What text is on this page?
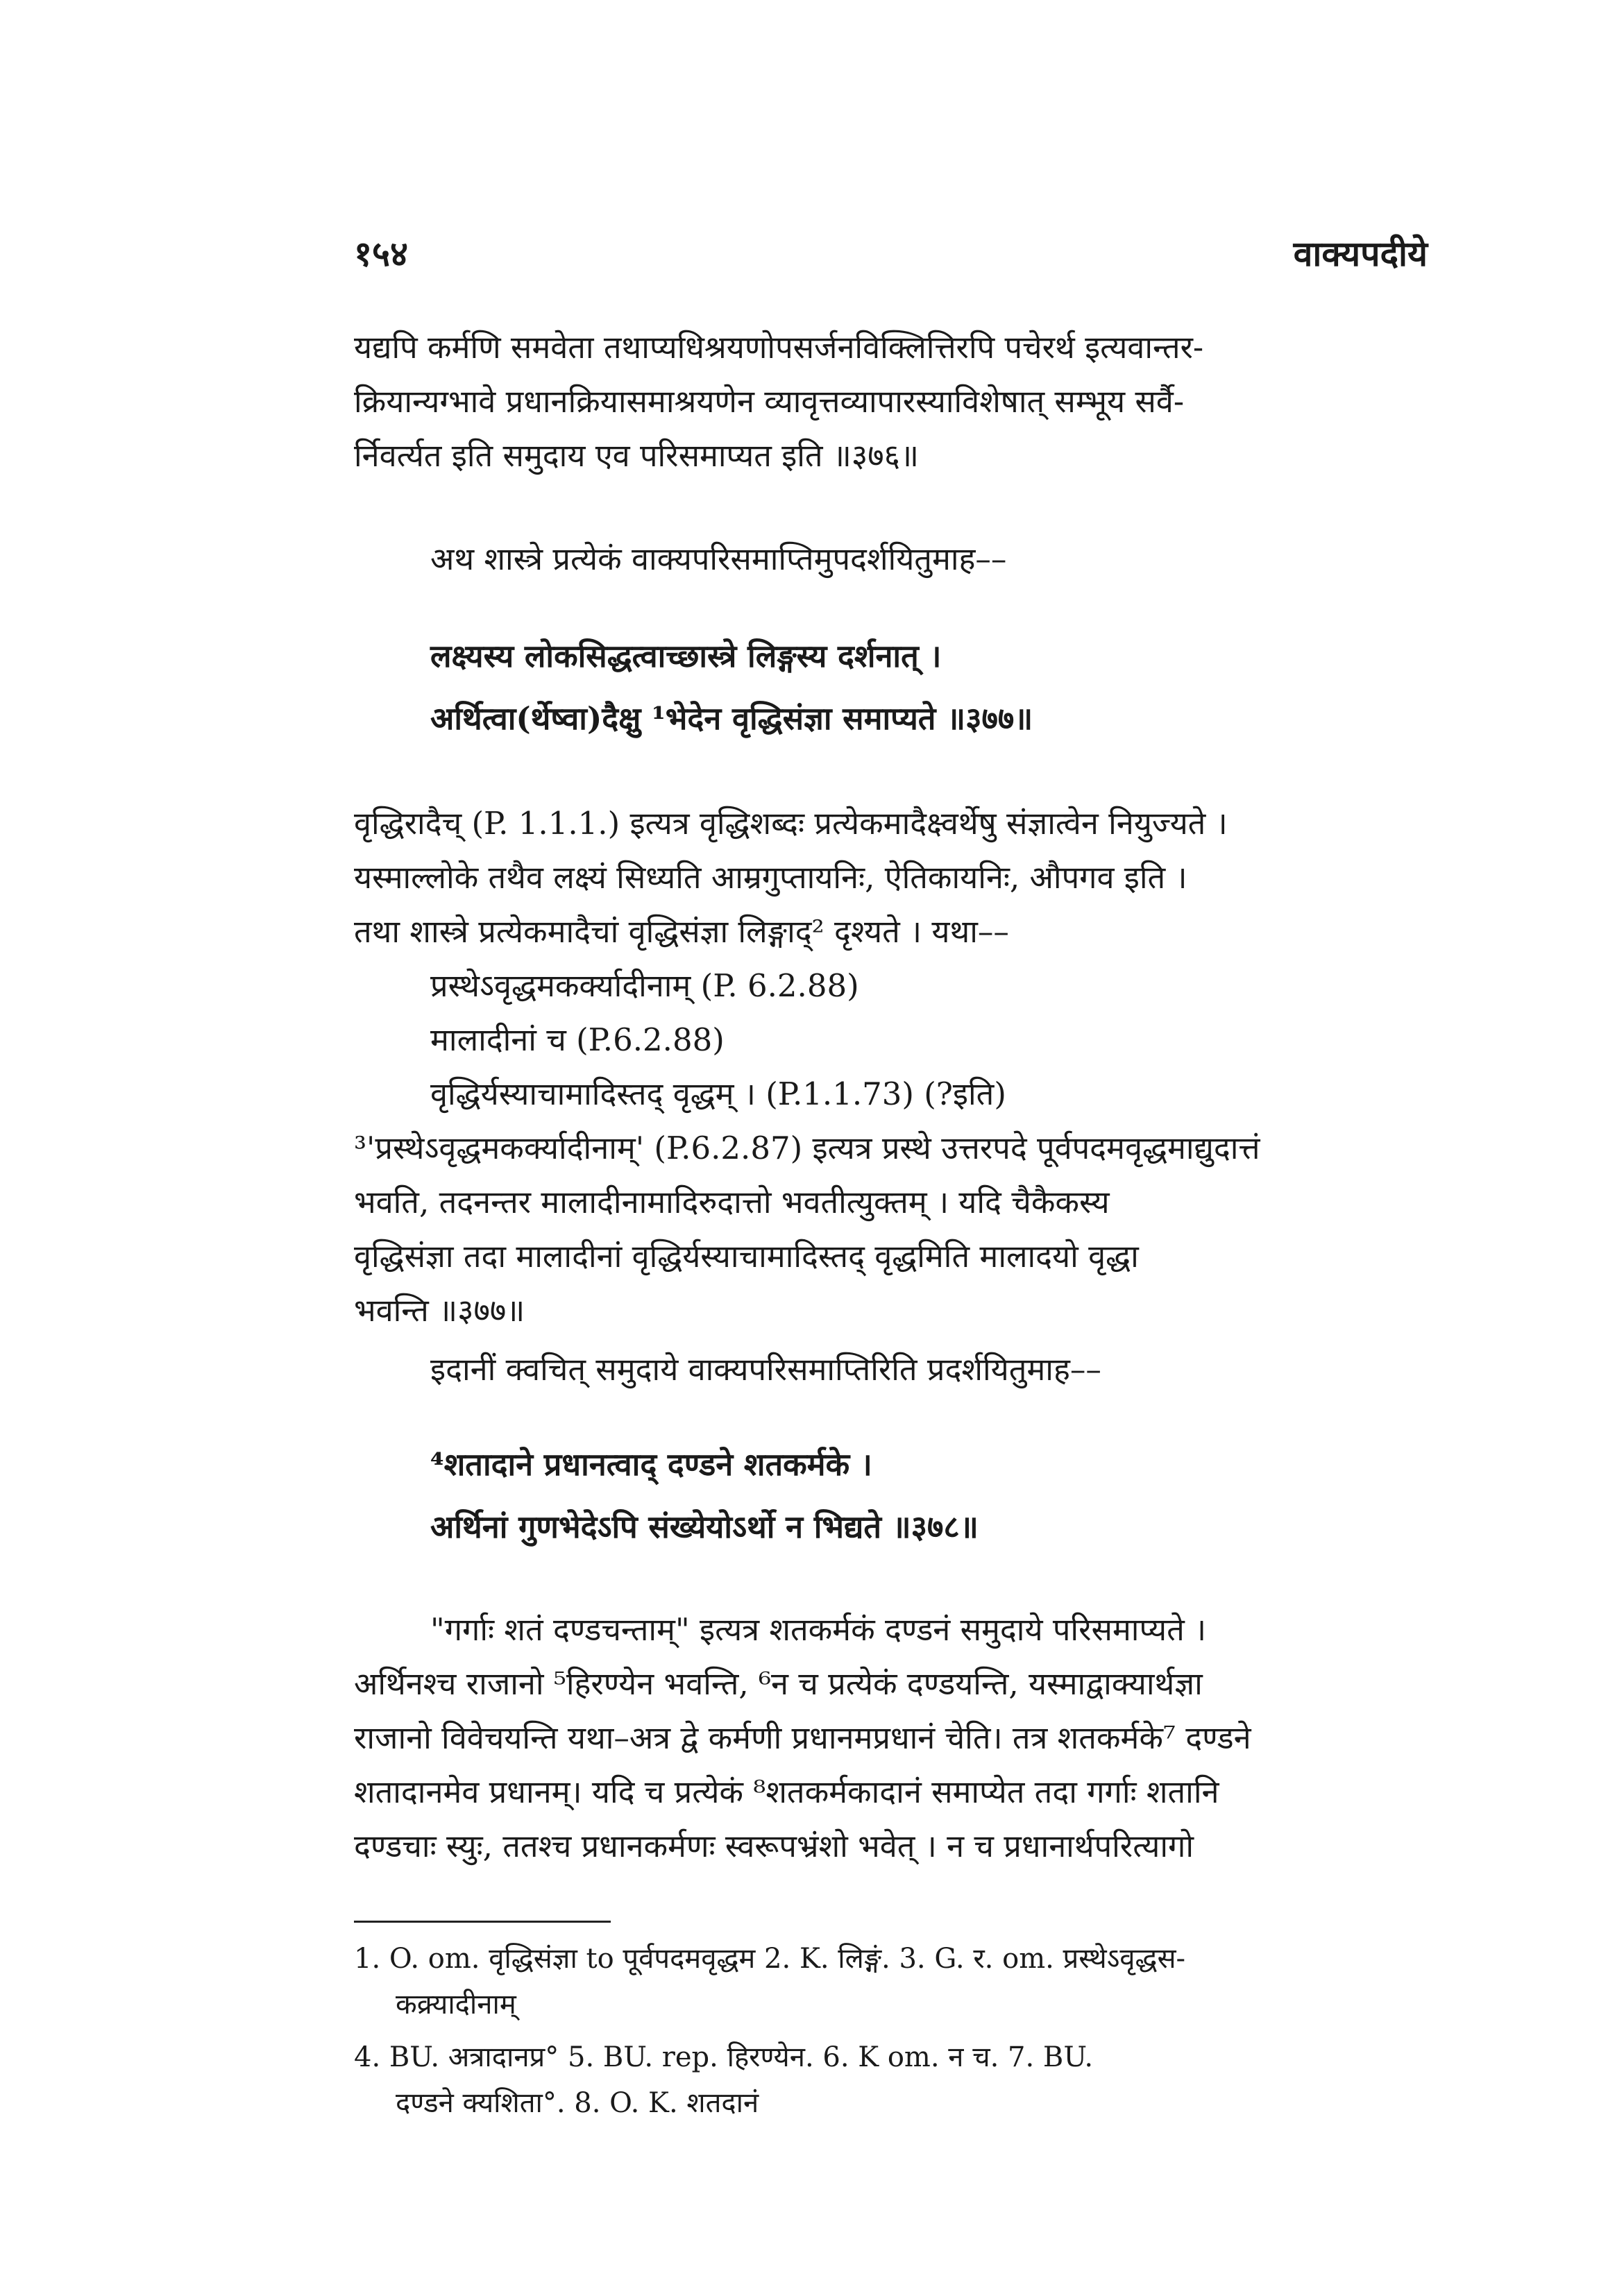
१५४	वाक्यपदीये
यद्यपि कर्मणि समवेता तथाप्यधिश्रयणोपसर्जनविक्लित्तिरपि पचेरर्थ इत्यवान्तर-
क्रियान्यग्भावे प्रधानक्रियासमाश्रयणेन व्यावृत्तव्यापारस्याविशेषात् सम्भूय सर्वै-
र्निवर्त्यत इति समुदाय एव परिसमाप्यत इति ॥३७६॥
अथ शास्त्रे प्रत्येकं वाक्यपरिसमाप्तिमुपदर्शयितुमाह––
लक्ष्यस्य लोकसिद्धत्वाच्छास्त्रे लिङ्गस्य दर्शनात् ।
अर्थित्वा(र्थेष्वा)दैक्षु ¹भेदेन वृद्धिसंज्ञा समाप्यते ॥३७७॥
वृद्धिरादैच् (P. 1.1.1.) इत्यत्र वृद्धिशब्दः प्रत्येकमादैक्ष्वर्थेषु संज्ञात्वेन नियुज्यते ।
यस्माल्लोके तथैव लक्ष्यं सिध्यति आम्रगुप्तायनिः, ऐतिकायनिः, औपगव इति ।
तथा शास्त्रे प्रत्येकमादैचां वृद्धिसंज्ञा लिङ्गाद्² दृश्यते । यथा––
प्रस्थेऽवृद्धमकर्क्यादीनाम् (P. 6.2.88)
मालादीनां च (P.6.2.88)
वृद्धिर्यस्याचामादिस्तद् वृद्धम् । (P.1.1.73) (?इति)
³'प्रस्थेऽवृद्धमकर्क्यादीनाम्' (P.6.2.87) इत्यत्र प्रस्थे उत्तरपदे पूर्वपदमवृद्धमाद्युदात्तं
भवति, तदनन्तर मालादीनामादिरुदात्तो भवतीत्युक्तम् । यदि चैकैकस्य
वृद्धिसंज्ञा तदा मालादीनां वृद्धिर्यस्याचामादिस्तद् वृद्धमिति मालादयो वृद्धा
भवन्ति ॥३७७॥
इदानीं क्वचित् समुदाये वाक्यपरिसमाप्तिरिति प्रदर्शयितुमाह––
⁴शतादाने प्रधानत्वाद् दण्डने शतकर्मके ।
अर्थिनां गुणभेदेऽपि संख्येयोऽर्थो न भिद्यते ॥३७८॥
"गर्गाः शतं दण्डचन्ताम्" इत्यत्र शतकर्मकं दण्डनं समुदाये परिसमाप्यते ।
अर्थिनश्च राजानो ⁵हिरण्येन भवन्ति, ⁶न च प्रत्येकं दण्डयन्ति, यस्माद्वाक्यार्थज्ञा
राजानो विवेचयन्ति यथा–अत्र द्वे कर्मणी प्रधानमप्रधानं चेति। तत्र शतकर्मके⁷ दण्डने
शतादानमेव प्रधानम्। यदि च प्रत्येकं ⁸शतकर्मकादानं समाप्येत तदा गर्गाः शतानि
दण्डचाः स्युः, ततश्च प्रधानकर्मणः स्वरूपभ्रंशो भवेत् । न च प्रधानार्थपरित्यागो
1. O. om. वृद्धिसंज्ञा to पूर्वपदमवृद्धम 2. K. लिङ्गं. 3. G. र. om. प्रस्थेऽवृद्धस-
कक्र्यादीनाम्
4. BU. अत्रादानप्र° 5. BU. rep. हिरण्येन. 6. K om. न च. 7. BU.
दण्डने क्यशिता°. 8. O. K. शतदानं
